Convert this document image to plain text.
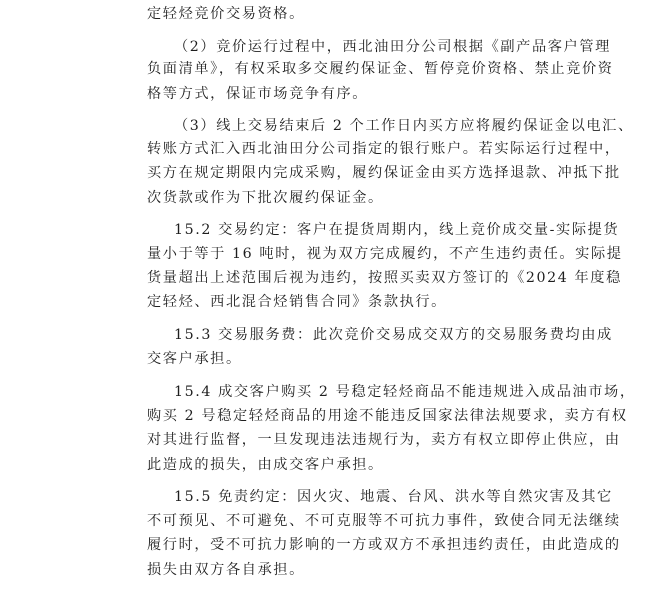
定轻烃竞价交易资格。
（2）竞价运行过程中，西北油田分公司根据《副产品客户管理
负面清单》，有权采取多交履约保证金、暂停竞价资格、禁止竞价资
格等方式，保证市场竞争有序。
（3）线上交易结束后 2 个工作日内买方应将履约保证金以电汇、
转账方式汇入西北油田分公司指定的银行账户。若实际运行过程中，
买方在规定期限内完成采购，履约保证金由买方选择退款、冲抵下批
次货款或作为下批次履约保证金。
15.2 交易约定：客户在提货周期内，线上竞价成交量-实际提货
量小于等于 16 吨时，视为双方完成履约，不产生违约责任。实际提
货量超出上述范围后视为违约，按照买卖双方签订的《2024 年度稳
定轻烃、西北混合烃销售合同》条款执行。
15.3 交易服务费：此次竞价交易成交双方的交易服务费均由成
交客户承担。
15.4 成交客户购买 2 号稳定轻烃商品不能违规进入成品油市场，
购买 2 号稳定轻烃商品的用途不能违反国家法律法规要求，卖方有权
对其进行监督，一旦发现违法违规行为，卖方有权立即停止供应，由
此造成的损失，由成交客户承担。
15.5 免责约定：因火灾、地震、台风、洪水等自然灾害及其它
不可预见、不可避免、不可克服等不可抗力事件，致使合同无法继续
履行时，受不可抗力影响的一方或双方不承担违约责任，由此造成的
损失由双方各自承担。
